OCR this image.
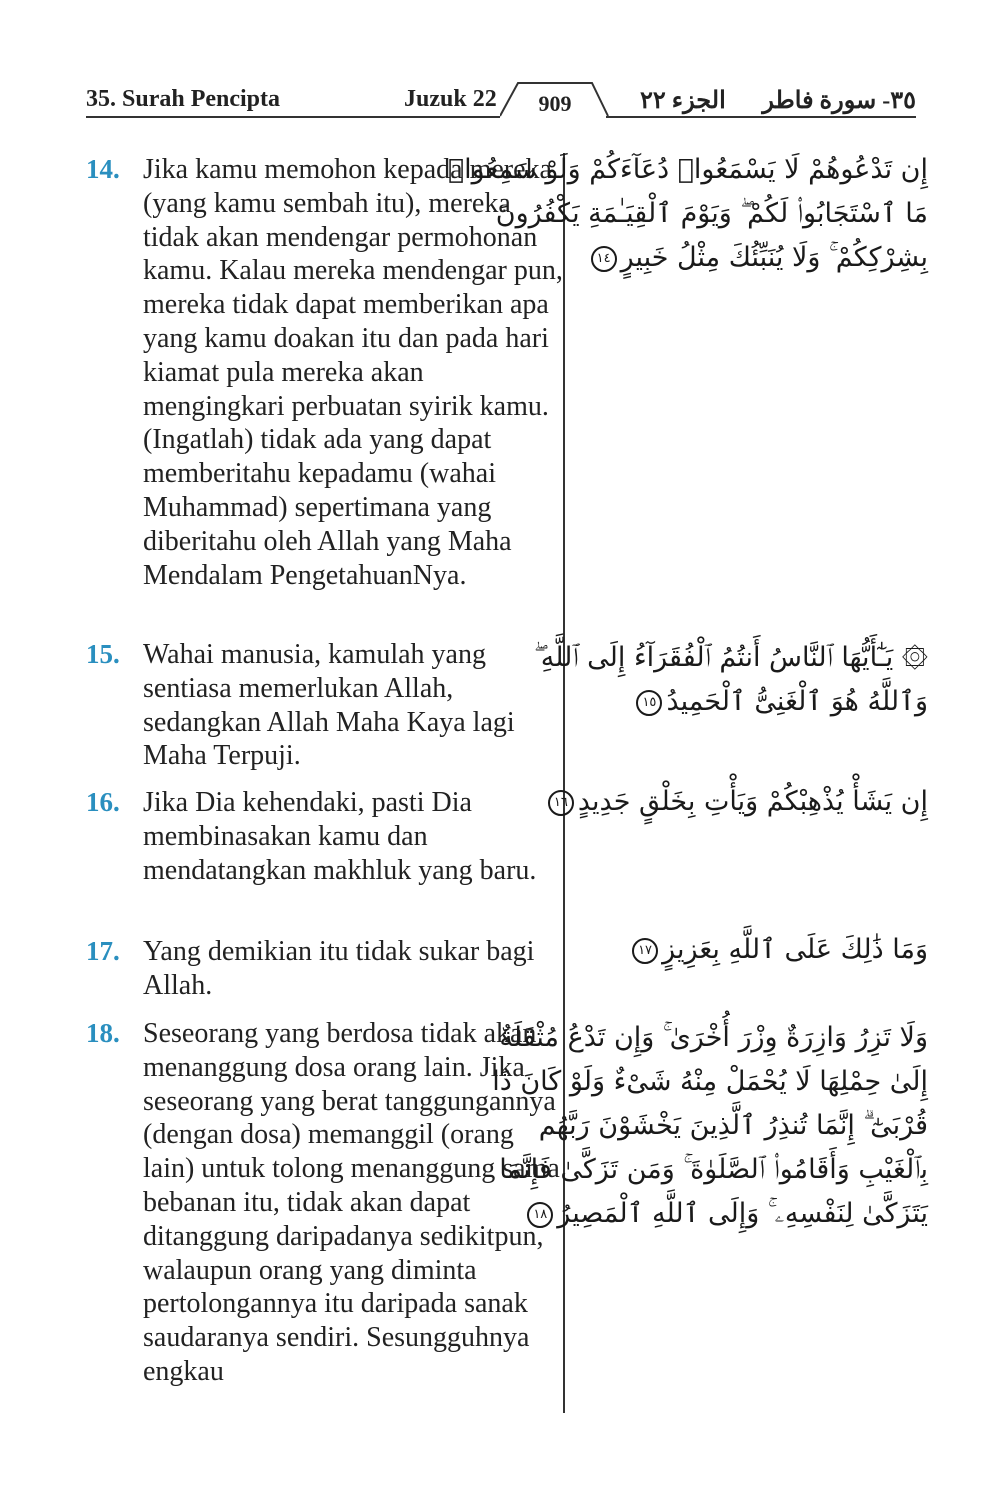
35. Surah Pencipta	Juzuk 22	909	الجزء ٢٢ ٣٥- سورة فاطر
14. Jika kamu memohon kepada mereka (yang kamu sembah itu), mereka tidak akan mendengar permohonan kamu. Kalau mereka mendengar pun, mereka tidak dapat memberikan apa yang kamu doakan itu dan pada hari kiamat pula mereka akan mengingkari perbuatan syirik kamu. (Ingatlah) tidak ada yang dapat memberitahu kepadamu (wahai Muhammad) sepertimana yang diberitahu oleh Allah yang Maha Mendalam PengetahuanNya.
إِن تَدْعُوهُمْ لَا يَسْمَعُوا۟ دُعَآءَكُمْ وَلَوْ سَمِعُوا۟
مَا ٱسْتَجَابُوا۟ لَكُمْ ۖ وَيَوْمَ ٱلْقِيَـٰمَةِ يَكْفُرُونَ
بِشِرْكِكُمْ ۚ وَلَا يُنَبِّئُكَ مِثْلُ خَبِيرٍ١٤
15. Wahai manusia, kamulah yang sentiasa memerlukan Allah, sedangkan Allah Maha Kaya lagi Maha Terpuji.
۞ يَـٰٓأَيُّهَا ٱلنَّاسُ أَنتُمُ ٱلْفُقَرَآءُ إِلَى ٱللَّهِ ۖ
وَٱللَّهُ هُوَ ٱلْغَنِىُّ ٱلْحَمِيدُ١٥
16. Jika Dia kehendaki, pasti Dia membinasakan kamu dan mendatangkan makhluk yang baru.
إِن يَشَأْ يُذْهِبْكُمْ وَيَأْتِ بِخَلْقٍ جَدِيدٍ١٦
17. Yang demikian itu tidak sukar bagi Allah.
وَمَا ذَٰلِكَ عَلَى ٱللَّهِ بِعَزِيزٍ١٧
18. Seseorang yang berdosa tidak akan menanggung dosa orang lain. Jika seseorang yang berat tanggungannya (dengan dosa) memanggil (orang lain) untuk tolong menanggung sama bebanan itu, tidak akan dapat ditanggung daripadanya sedikitpun, walaupun orang yang diminta pertolongannya itu daripada sanak saudaranya sendiri. Sesungguhnya engkau
وَلَا تَزِرُ وَازِرَةٌ وِزْرَ أُخْرَىٰ ۚ وَإِن تَدْعُ مُثْقَلَةٌ
إِلَىٰ حِمْلِهَا لَا يُحْمَلْ مِنْهُ شَىْءٌ وَلَوْ كَانَ ذَا
قُرْبَىٰٓ ۗ إِنَّمَا تُنذِرُ ٱلَّذِينَ يَخْشَوْنَ رَبَّهُم
بِٱلْغَيْبِ وَأَقَامُوا۟ ٱلصَّلَوٰةَ ۚ وَمَن تَزَكَّىٰ فَإِنَّمَا
يَتَزَكَّىٰ لِنَفْسِهِۦ ۚ وَإِلَى ٱللَّهِ ٱلْمَصِيرُ١٨
